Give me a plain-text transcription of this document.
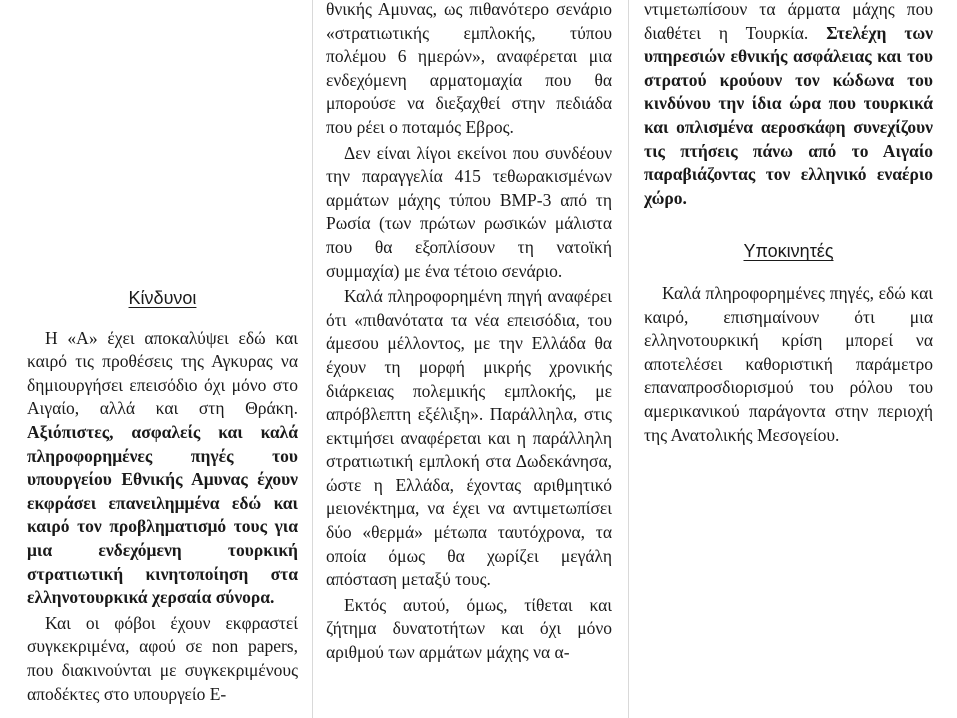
Κίνδυνοι

Η «Α» έχει αποκαλύψει εδώ και καιρό τις προθέσεις της Αγκυρας να δημιουργήσει επεισόδιο όχι μόνο στο Αιγαίο, αλλά και στη Θράκη. Αξιόπιστες, ασφαλείς και καλά πληροφορημένες πηγές του υπουργείου Εθνικής Αμυνας έχουν εκφράσει επανειλημμένα εδώ και καιρό τον προβληματισμό τους για μια ενδεχόμενη τουρκική στρατιωτική κινητοποίηση στα ελληνοτουρκικά χερσαία σύνορα.

Και οι φόβοι έχουν εκφραστεί συγκεκριμένα, αφού σε non papers, που διακινούνται με συγκεκριμένους αποδέκτες στο υπουργείο Ε-

θνικής Αμυνας, ως πιθανότερο σενάριο «στρατιωτικής εμπλοκής, τύπου πολέμου 6 ημερών», αναφέρεται μια ενδεχόμενη αρματομαχία που θα μπορούσε να διεξαχθεί στην πεδιάδα που ρέει ο ποταμός Εβρος.

Δεν είναι λίγοι εκείνοι που συνδέουν την παραγγελία 415 τεθωρακισμένων αρμάτων μάχης τύπου BMP-3 από τη Ρωσία (των πρώτων ρωσικών μάλιστα που θα εξοπλίσουν τη νατοϊκή συμμαχία) με ένα τέτοιο σενάριο.

Καλά πληροφορημένη πηγή αναφέρει ότι «πιθανότατα τα νέα επεισόδια, του άμεσου μέλλοντος, με την Ελλάδα θα έχουν τη μορφή μικρής χρονικής διάρκειας πολεμικής εμπλοκής, με απρόβλεπτη εξέλιξη». Παράλληλα, στις εκτιμήσει αναφέρεται και η παράλληλη στρατιωτική εμπλοκή στα Δωδεκάνησα, ώστε η Ελλάδα, έχοντας αριθμητικό μειονέκτημα, να έχει να αντιμετωπίσει δύο «θερμά» μέτωπα ταυτόχρονα, τα οποία όμως θα χωρίζει μεγάλη απόσταση μεταξύ τους.

Εκτός αυτού, όμως, τίθεται και ζήτημα δυνατοτήτων και όχι μόνο αριθμού των αρμάτων μάχης να α-

ντιμετωπίσουν τα άρματα μάχης που διαθέτει η Τουρκία. Στελέχη των υπηρεσιών εθνικής ασφάλειας και του στρατού κρούουν τον κώδωνα του κινδύνου την ίδια ώρα που τουρκικά και οπλισμένα αεροσκάφη συνεχίζουν τις πτήσεις πάνω από το Αιγαίο παραβιάζοντας τον ελληνικό εναέριο χώρο.

Υποκινητές

Καλά πληροφορημένες πηγές, εδώ και καιρό, επισημαίνουν ότι μια ελληνοτουρκική κρίση μπορεί να αποτελέσει καθοριστική παράμετρο επαναπροσδιορισμού του ρόλου του αμερικανικού παράγοντα στην περιοχή της Ανατολικής Μεσογείου.
